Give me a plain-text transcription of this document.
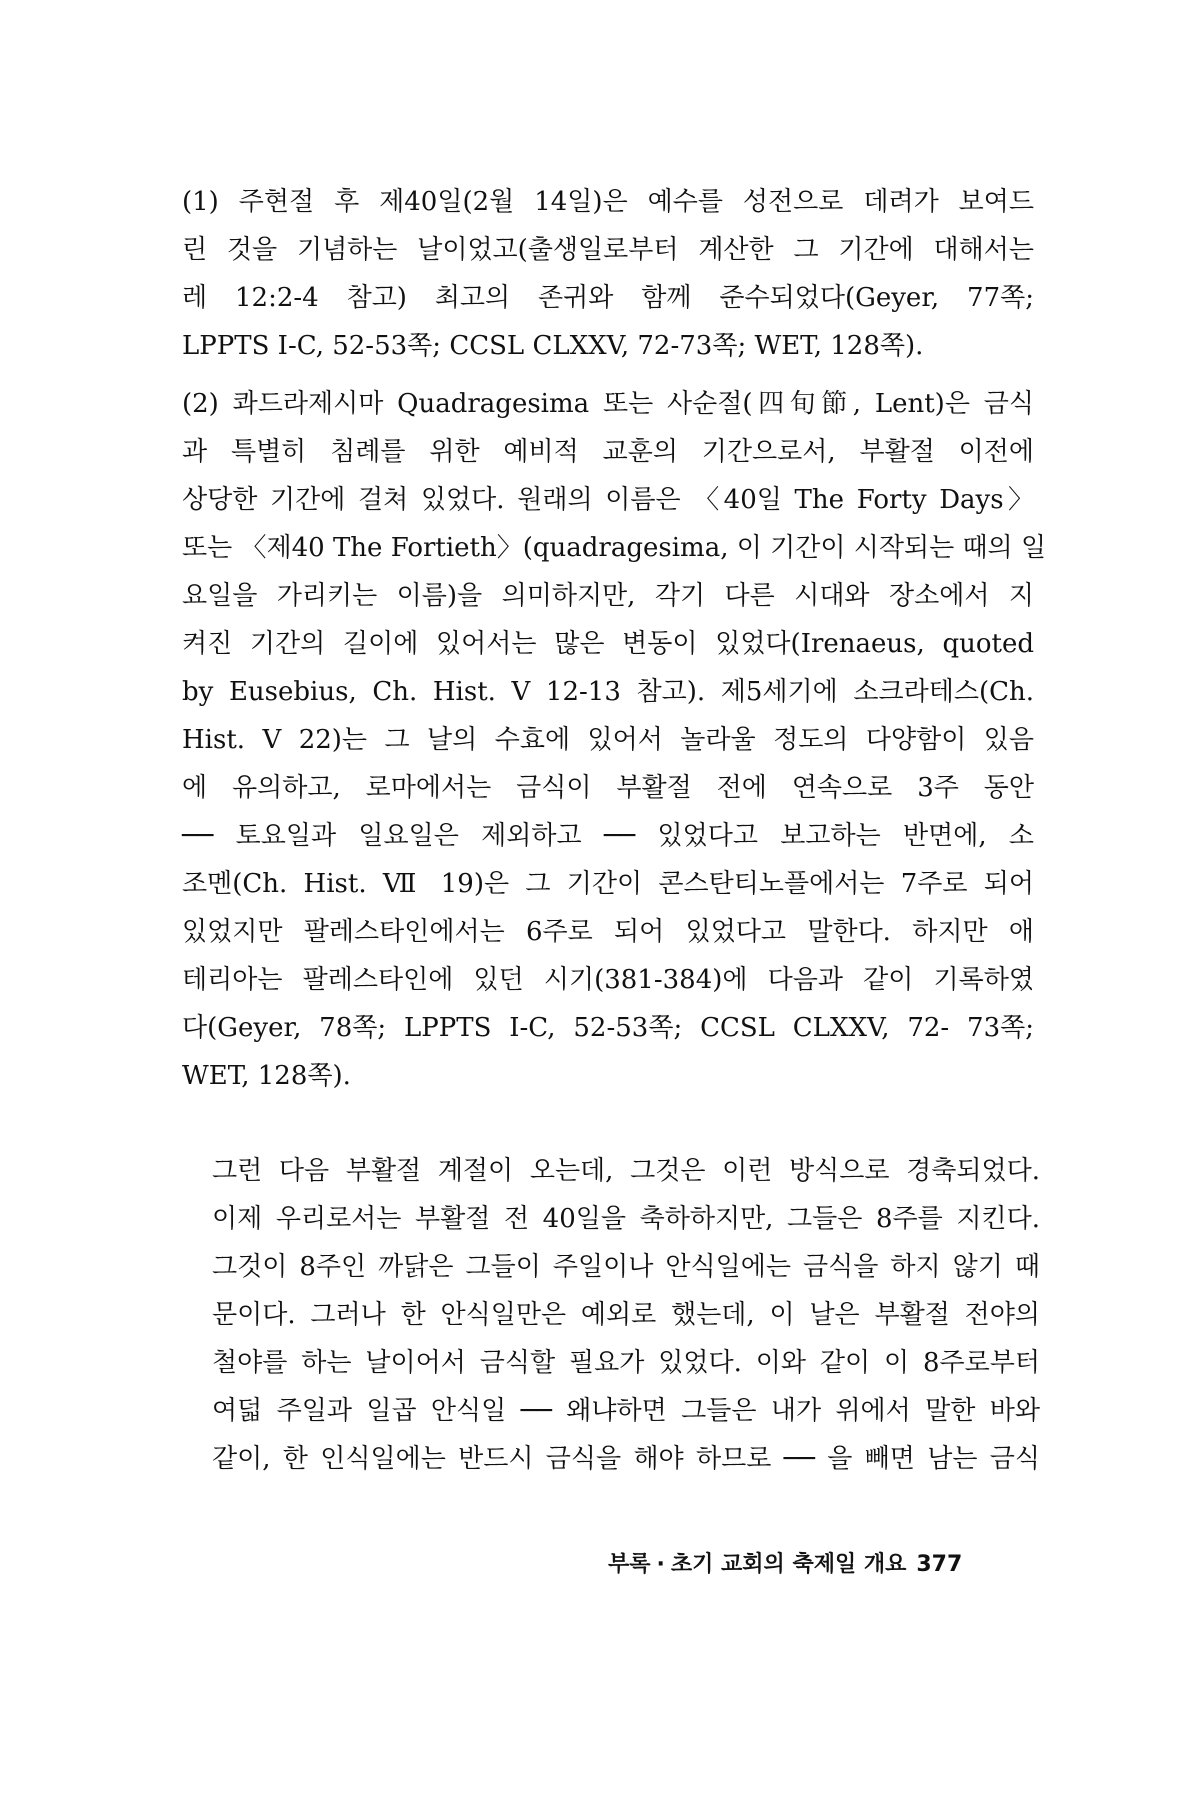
(1) 주현절 후 제40일(2월 14일)은 예수를 성전으로 데려가 보여드
린 것을 기념하는 날이었고(출생일로부터 계산한 그 기간에 대해서는
레 12:2-4 참고) 최고의 존귀와 함께 준수되었다(Geyer, 77쪽;
LPPTS I-C, 52-53쪽; CCSL CLXXV, 72-73쪽; WET, 128쪽).
(2) 콰드라제시마 Quadragesima 또는 사순절(四旬節, Lent)은 금식
과 특별히 침례를 위한 예비적 교훈의 기간으로서, 부활절 이전에
상당한 기간에 걸쳐 있었다. 원래의 이름은 〈40일 The Forty Days〉
또는 〈제40 The Fortieth〉(quadragesima, 이 기간이 시작되는 때의 일
요일을 가리키는 이름)을 의미하지만, 각기 다른 시대와 장소에서 지
켜진 기간의 길이에 있어서는 많은 변동이 있었다(Irenaeus, quoted
by Eusebius, Ch. Hist. V 12-13 참고). 제5세기에 소크라테스(Ch.
Hist. V 22)는 그 날의 수효에 있어서 놀라울 정도의 다양함이 있음
에 유의하고, 로마에서는 금식이 부활절 전에 연속으로 3주 동안
── 토요일과 일요일은 제외하고 ── 있었다고 보고하는 반면에, 소
조멘(Ch. Hist. Ⅶ 19)은 그 기간이 콘스탄티노플에서는 7주로 되어
있었지만 팔레스타인에서는 6주로 되어 있었다고 말한다. 하지만 애
테리아는 팔레스타인에 있던 시기(381-384)에 다음과 같이 기록하였
다(Geyer, 78쪽; LPPTS I-C, 52-53쪽; CCSL CLXXV, 72- 73쪽;
WET, 128쪽).
그런 다음 부활절 계절이 오는데, 그것은 이런 방식으로 경축되었다.
이제 우리로서는 부활절 전 40일을 축하하지만, 그들은 8주를 지킨다.
그것이 8주인 까닭은 그들이 주일이나 안식일에는 금식을 하지 않기 때
문이다. 그러나 한 안식일만은 예외로 했는데, 이 날은 부활절 전야의
철야를 하는 날이어서 금식할 필요가 있었다. 이와 같이 이 8주로부터
여덟 주일과 일곱 안식일 ── 왜냐하면 그들은 내가 위에서 말한 바와
같이, 한 인식일에는 반드시 금식을 해야 하므로 ── 을 빼면 남는 금식
부록 · 초기 교회의 축제일 개요 377
